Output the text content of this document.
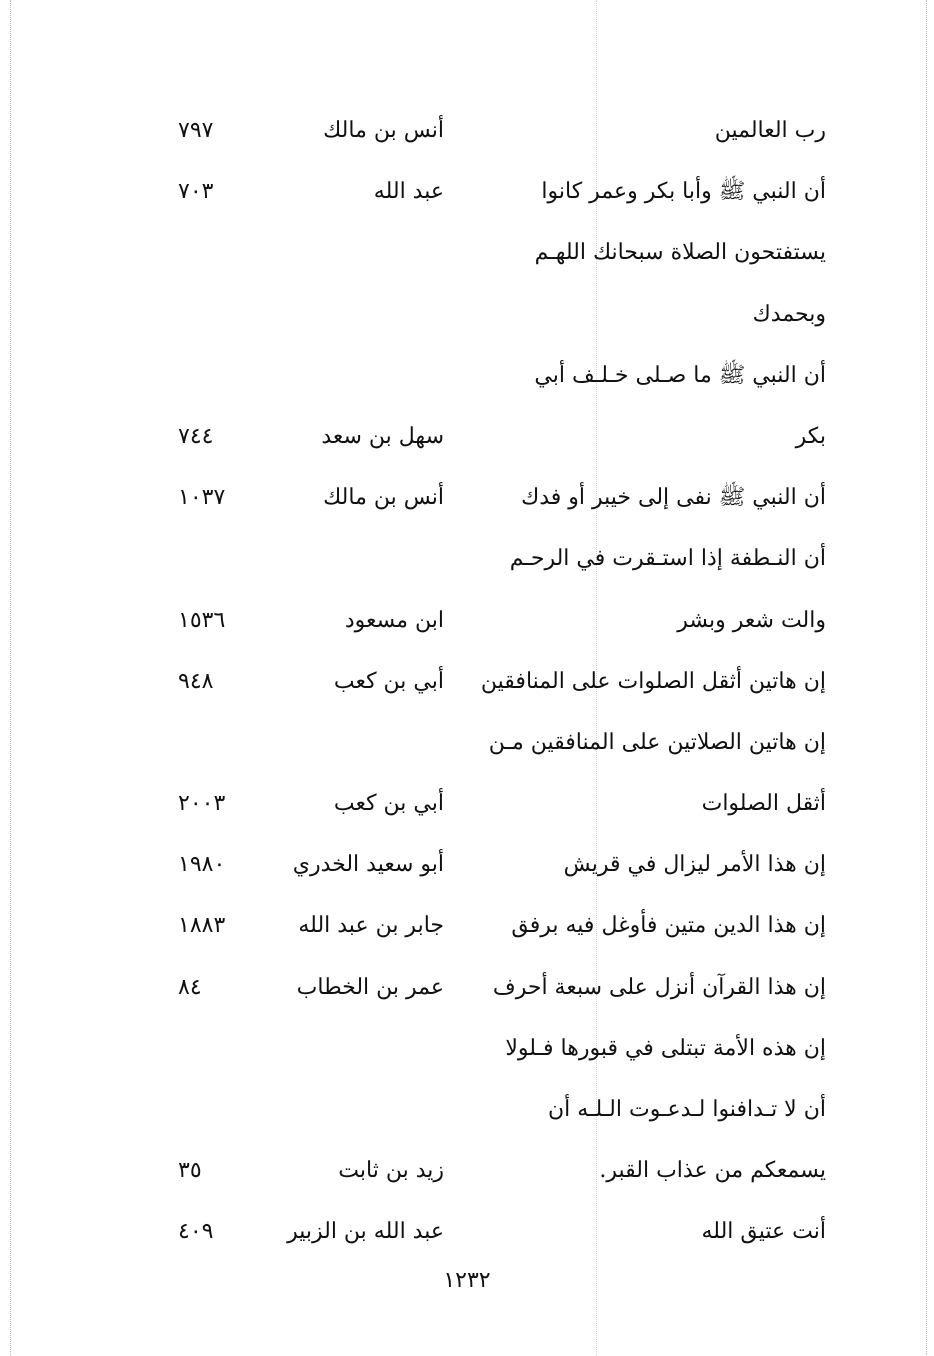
رب العالمين
أنس بن مالك
٧٩٧
أن النبي ﷺ وأبا بكر وعمر كانوا
عبد الله
٧٠٣
يستفتحون الصلاة سبحانك اللهـم
وبحمدك
أن النبي ﷺ ما صـلى خـلـف أبي
بكر
سهل بن سعد
٧٤٤
أن النبي ﷺ نفى إلى خيبر أو فدك
أنس بن مالك
١٠٣٧
أن النـطفة إذا استـقرت في الرحـم
والت شعر وبشر
ابن مسعود
١٥٣٦
إن هاتين أثقل الصلوات على المنافقين
أبي بن كعب
٩٤٨
إن هاتين الصلاتين على المنافقين مـن
أثقل الصلوات
أبي بن كعب
٢٠٠٣
إن هذا الأمر ليزال في قريش
أبو سعيد الخدري
١٩٨٠
إن هذا الدين متين فأوغل فيه برفق
جابر بن عبد الله
١٨٨٣
إن هذا القرآن أنزل على سبعة أحرف
عمر بن الخطاب
٨٤
إن هذه الأمة تبتلى في قبورها فـلولا
أن لا تـدافنوا لـدعـوت الـلـه أن
يسمعكم من عذاب القبر.
زيد بن ثابت
٣٥
أنت عتيق الله
عبد الله بن الزبير
٤٠٩
١٢٣٢
